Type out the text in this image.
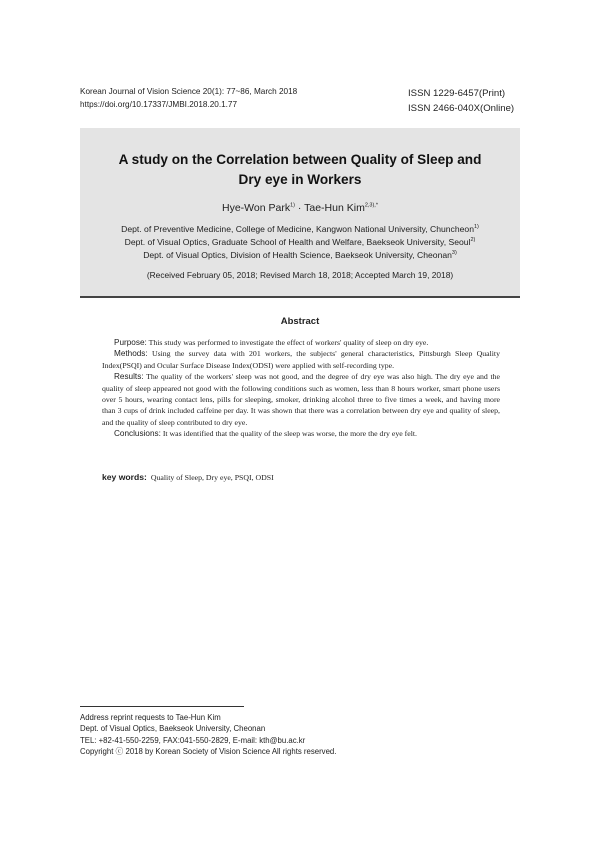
Korean Journal of Vision Science 20(1): 77~86, March 2018
https://doi.org/10.17337/JMBI.2018.20.1.77
ISSN 1229-6457(Print)
ISSN 2466-040X(Online)
A study on the Correlation between Quality of Sleep and
Dry eye in Workers
Hye-Won Park$^{1)}$ · Tae-Hun Kim$^{2,3),*}$
Dept. of Preventive Medicine, College of Medicine, Kangwon National University, Chuncheon$^{1)}$
Dept. of Visual Optics, Graduate School of Health and Welfare, Baekseok University, Seoul$^{2)}$
Dept. of Visual Optics, Division of Health Science, Baekseok University, Cheonan$^{3)}$
(Received February 05, 2018; Revised March 18, 2018; Accepted March 19, 2018)
Abstract

Purpose: This study was performed to investigate the effect of workers' quality of sleep on dry eye.

Methods: Using the survey data with 201 workers, the subjects' general characteristics, Pittsburgh Sleep Quality Index(PSQI) and Ocular Surface Disease Index(ODSI) were applied with self-recording type.

Results: The quality of the workers' sleep was not good, and the degree of dry eye was also high. The dry eye and the quality of sleep appeared not good with the following conditions such as women, less than 8 hours worker, smart phone users over 5 hours, wearing contact lens, pills for sleeping, smoker, drinking alcohol three to five times a week, and having more than 3 cups of drink included caffeine per day. It was shown that there was a correlation between dry eye and quality of sleep, and the quality of sleep contributed to dry eye.

Conclusions: It was identified that the quality of the sleep was worse, the more the dry eye felt.

key words: Quality of Sleep, Dry eye, PSQI, ODSI
Address reprint requests to Tae-Hun Kim
Dept. of Visual Optics, Baekseok University, Cheonan
TEL: +82-41-550-2259, FAX:041-550-2829, E-mail: kth@bu.ac.kr
Copyright ⓒ 2018 by Korean Society of Vision Science All rights reserved.
